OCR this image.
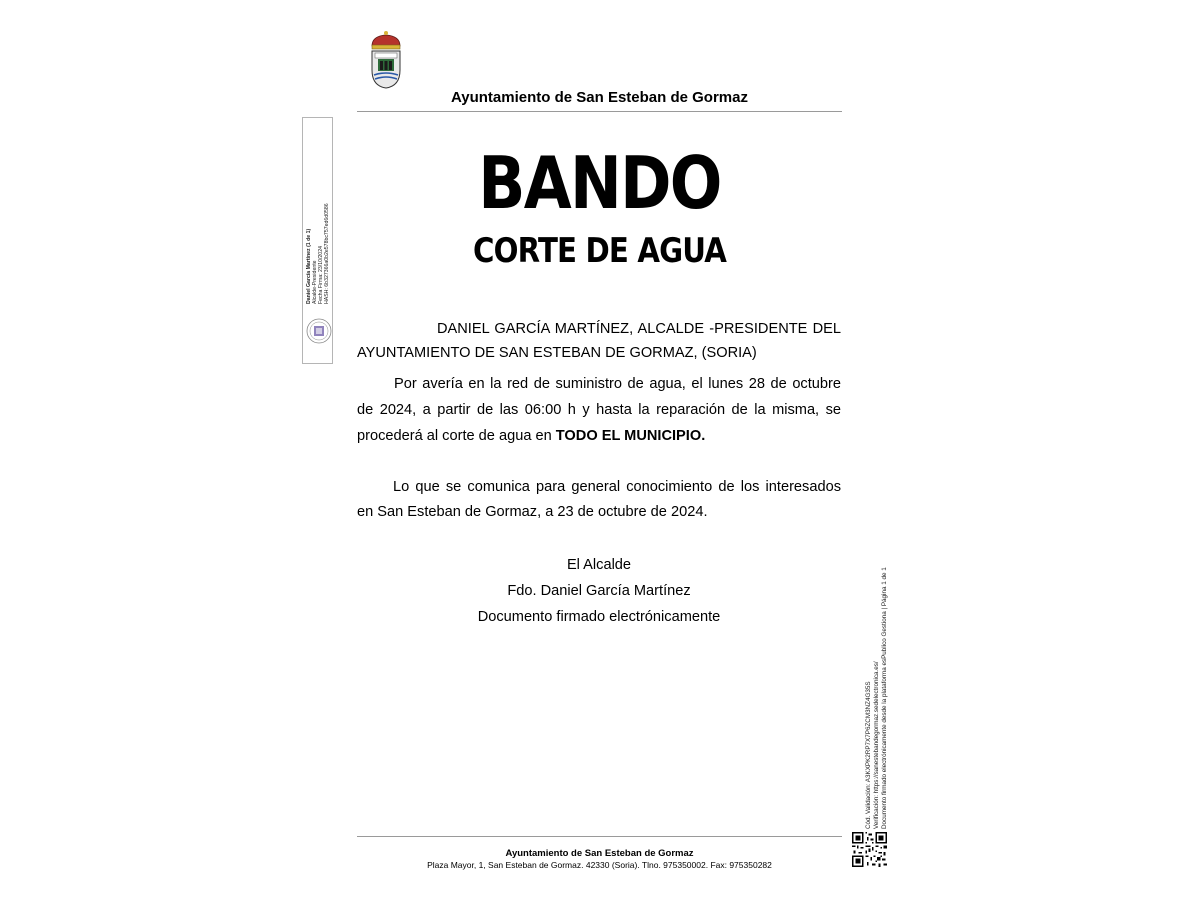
Ayuntamiento de San Esteban de Gormaz
BANDO
CORTE DE AGUA
DANIEL GARCÍA MARTÍNEZ, ALCALDE -PRESIDENTE DEL AYUNTAMIENTO DE SAN ESTEBAN DE GORMAZ, (SORIA)
Por avería en la red de suministro de agua, el lunes 28 de octubre de 2024, a partir de las 06:00 h y hasta la reparación de la misma, se procederá al corte de agua en TODO EL MUNICIPIO.
Lo que se comunica para general conocimiento de los interesados en San Esteban de Gormaz, a 23 de octubre de 2024.
El Alcalde
Fdo. Daniel García Martínez
Documento firmado electrónicamente
Ayuntamiento de San Esteban de Gormaz
Plaza Mayor, 1, San Esteban de Gormaz. 42330 (Soria). Tlno. 975350002. Fax: 975350282
Daniel García Martínez (1 de 1) Alcalde-Presidente Fecha Firma: 23/10/2024 HASH: 6b327366a0b2e578bc757ed6d0586
Cód. Validación: A3KXPK2RP7X7P6ZCM3NZ4G35S Verificación: https://sanestebandegormaz.sedelectronica.es/ Documento firmado electrónicamente desde la plataforma esPublico Gestiona | Página 1 de 1
